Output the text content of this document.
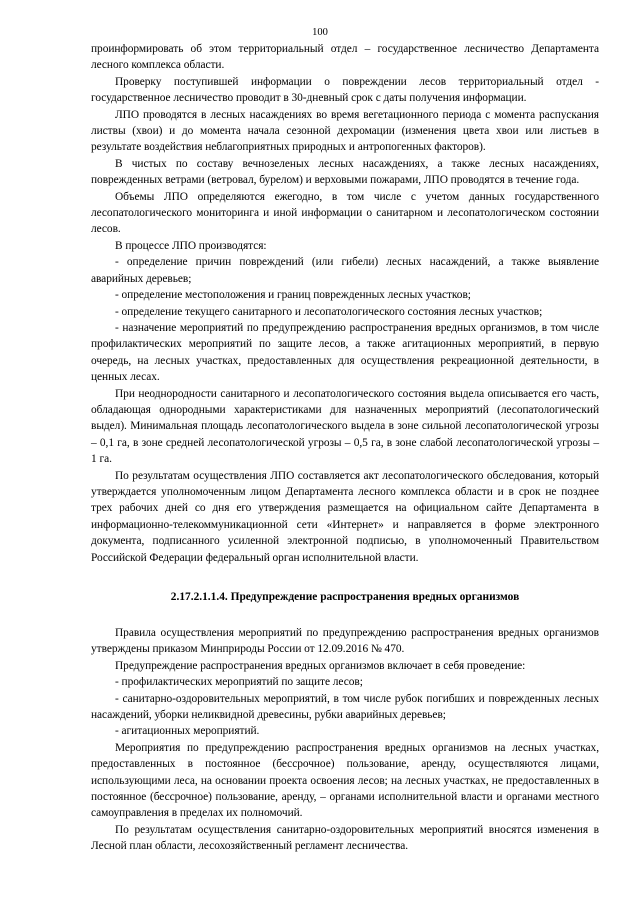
100

проинформировать об этом территориальный отдел – государственное лесничество Департамента лесного комплекса области.

Проверку поступившей информации о повреждении лесов территориальный отдел - государственное лесничество проводит в 30-дневный срок с даты получения информации.

ЛПО проводятся в лесных насаждениях во время вегетационного периода с момента распускания листвы (хвои) и до момента начала сезонной дехромации (изменения цвета хвои или листьев в результате воздействия неблагоприятных природных и антропогенных факторов).

В чистых по составу вечнозеленых лесных насаждениях, а также лесных насаждениях, поврежденных ветрами (ветровал, бурелом) и верховыми пожарами, ЛПО проводятся в течение года.

Объемы ЛПО определяются ежегодно, в том числе с учетом данных государственного лесопатологического мониторинга и иной информации о санитарном и лесопатологическом состоянии лесов.

В процессе ЛПО производятся:

- определение причин повреждений (или гибели) лесных насаждений, а также выявление аварийных деревьев;

- определение местоположения и границ поврежденных лесных участков;

- определение текущего санитарного и лесопатологического состояния лесных участков;

- назначение мероприятий по предупреждению распространения вредных организмов, в том числе профилактических мероприятий по защите лесов, а также агитационных мероприятий, в первую очередь, на лесных участках, предоставленных для осуществления рекреационной деятельности, в ценных лесах.

При неоднородности санитарного и лесопатологического состояния выдела описывается его часть, обладающая однородными характеристиками для назначенных мероприятий (лесопатологический выдел). Минимальная площадь лесопатологического выдела в зоне сильной лесопатологической угрозы – 0,1 га, в зоне средней лесопатологической угрозы – 0,5 га, в зоне слабой лесопатологической угрозы – 1 га.

По результатам осуществления ЛПО составляется акт лесопатологического обследования, который утверждается уполномоченным лицом Департамента лесного комплекса области и в срок не позднее трех рабочих дней со дня его утверждения размещается на официальном сайте Департамента в информационно-телекоммуникационной сети «Интернет» и направляется в форме электронного документа, подписанного усиленной электронной подписью, в уполномоченный Правительством Российской Федерации федеральный орган исполнительной власти.

2.17.2.1.1.4. Предупреждение распространения вредных организмов

Правила осуществления мероприятий по предупреждению распространения вредных организмов утверждены приказом Минприроды России от 12.09.2016 № 470.

Предупреждение распространения вредных организмов включает в себя проведение:

- профилактических мероприятий по защите лесов;

- санитарно-оздоровительных мероприятий, в том числе рубок погибших и поврежденных лесных насаждений, уборки неликвидной древесины, рубки аварийных деревьев;

- агитационных мероприятий.

Мероприятия по предупреждению распространения вредных организмов на лесных участках, предоставленных в постоянное (бессрочное) пользование, аренду, осуществляются лицами, использующими леса, на основании проекта освоения лесов; на лесных участках, не предоставленных в постоянное (бессрочное) пользование, аренду, – органами исполнительной власти и органами местного самоуправления в пределах их полномочий.

По результатам осуществления санитарно-оздоровительных мероприятий вносятся изменения в Лесной план области, лесохозяйственный регламент лесничества.
